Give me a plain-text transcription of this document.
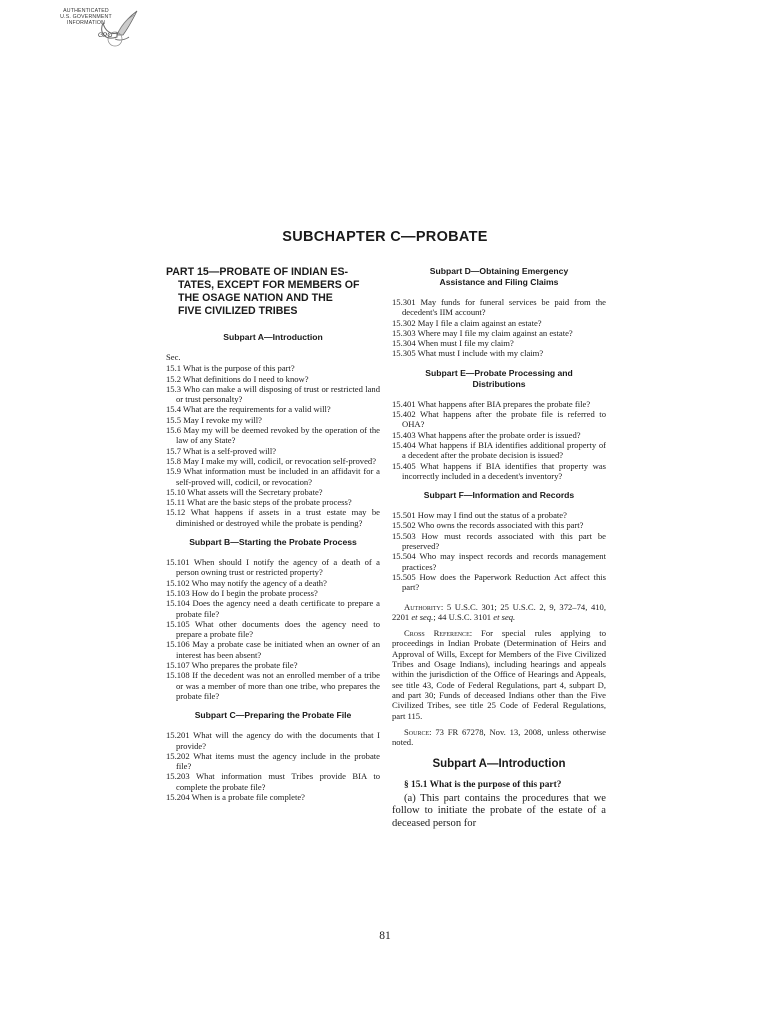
AUTHENTICATED
U.S. GOVERNMENT
INFORMATION
GPO
SUBCHAPTER C—PROBATE
PART 15—PROBATE OF INDIAN ES-
TATES, EXCEPT FOR MEMBERS OF
THE OSAGE NATION AND THE
FIVE CIVILIZED TRIBES
Subpart A—Introduction
Sec.
15.1 What is the purpose of this part?
15.2 What definitions do I need to know?
15.3 Who can make a will disposing of trust or restricted land or trust personalty?
15.4 What are the requirements for a valid will?
15.5 May I revoke my will?
15.6 May my will be deemed revoked by the operation of the law of any State?
15.7 What is a self-proved will?
15.8 May I make my will, codicil, or revocation self-proved?
15.9 What information must be included in an affidavit for a self-proved will, codicil, or revocation?
15.10 What assets will the Secretary probate?
15.11 What are the basic steps of the probate process?
15.12 What happens if assets in a trust estate may be diminished or destroyed while the probate is pending?
Subpart B—Starting the Probate Process
15.101 When should I notify the agency of a death of a person owning trust or restricted property?
15.102 Who may notify the agency of a death?
15.103 How do I begin the probate process?
15.104 Does the agency need a death certificate to prepare a probate file?
15.105 What other documents does the agency need to prepare a probate file?
15.106 May a probate case be initiated when an owner of an interest has been absent?
15.107 Who prepares the probate file?
15.108 If the decedent was not an enrolled member of a tribe or was a member of more than one tribe, who prepares the probate file?
Subpart C—Preparing the Probate File
15.201 What will the agency do with the documents that I provide?
15.202 What items must the agency include in the probate file?
15.203 What information must Tribes provide BIA to complete the probate file?
15.204 When is a probate file complete?
Subpart D—Obtaining Emergency Assistance and Filing Claims
15.301 May funds for funeral services be paid from the decedent's IIM account?
15.302 May I file a claim against an estate?
15.303 Where may I file my claim against an estate?
15.304 When must I file my claim?
15.305 What must I include with my claim?
Subpart E—Probate Processing and Distributions
15.401 What happens after BIA prepares the probate file?
15.402 What happens after the probate file is referred to OHA?
15.403 What happens after the probate order is issued?
15.404 What happens if BIA identifies additional property of a decedent after the probate decision is issued?
15.405 What happens if BIA identifies that property was incorrectly included in a decedent's inventory?
Subpart F—Information and Records
15.501 How may I find out the status of a probate?
15.502 Who owns the records associated with this part?
15.503 How must records associated with this part be preserved?
15.504 Who may inspect records and records management practices?
15.505 How does the Paperwork Reduction Act affect this part?
Authority: 5 U.S.C. 301; 25 U.S.C. 2, 9, 372–74, 410, 2201 et seq.; 44 U.S.C. 3101 et seq.
Cross Reference: For special rules applying to proceedings in Indian Probate (Determination of Heirs and Approval of Wills, Except for Members of the Five Civilized Tribes and Osage Indians), including hearings and appeals within the jurisdiction of the Office of Hearings and Appeals, see title 43, Code of Federal Regulations, part 4, subpart D, and part 30; Funds of deceased Indians other than the Five Civilized Tribes, see title 25 Code of Federal Regulations, part 115.
Source: 73 FR 67278, Nov. 13, 2008, unless otherwise noted.
Subpart A—Introduction
§ 15.1 What is the purpose of this part?
(a) This part contains the procedures that we follow to initiate the probate of the estate of a deceased person for
81
